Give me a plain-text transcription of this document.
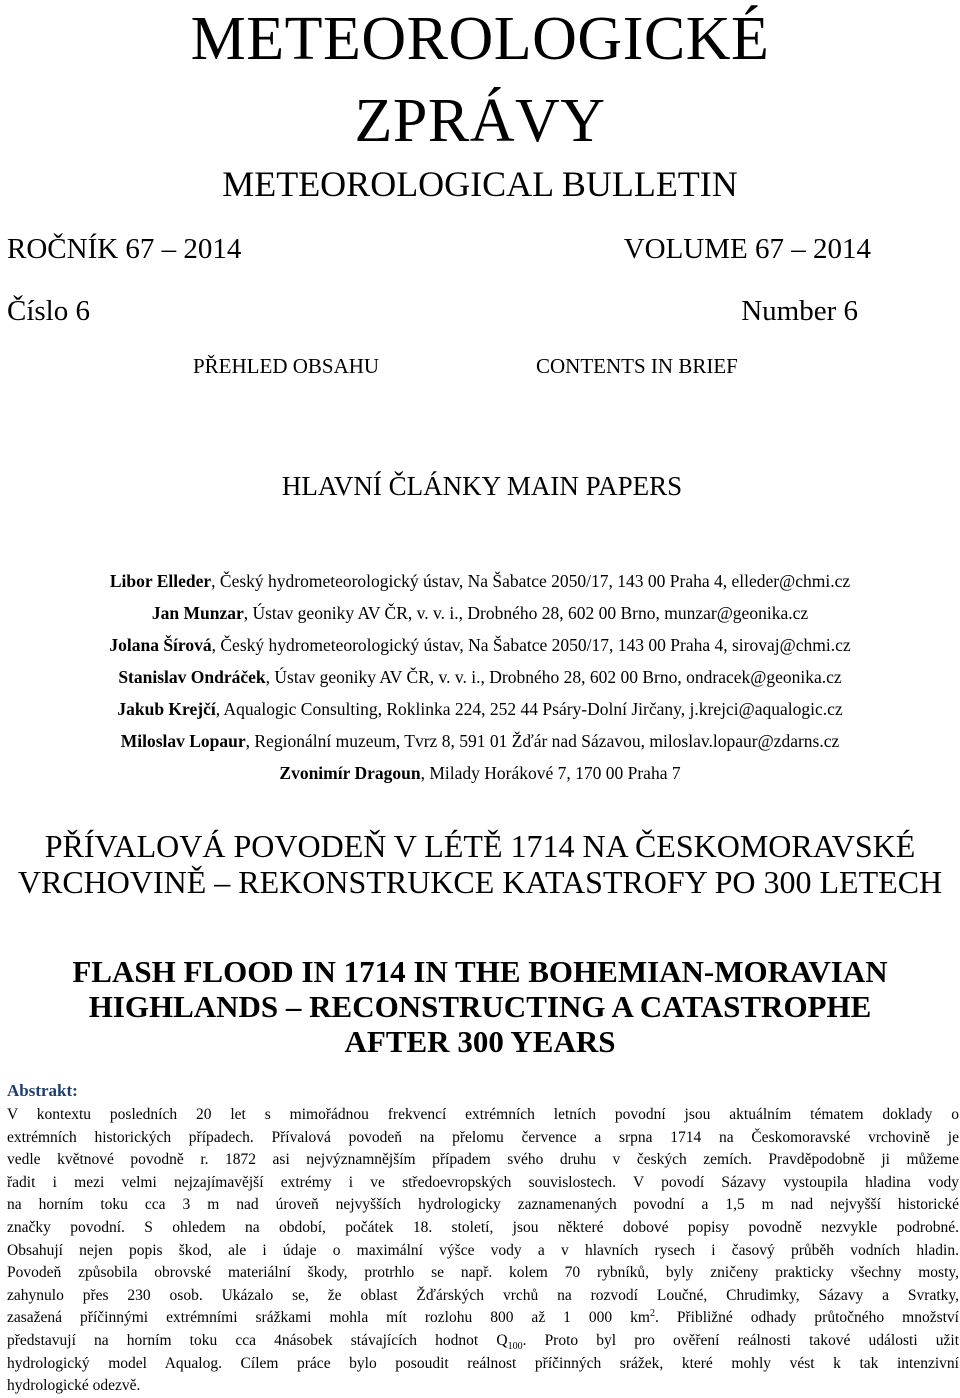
METEOROLOGICKÉ
ZPRÁVY
METEOROLOGICAL BULLETIN
ROČNÍK 67 – 2014	VOLUME 67 – 2014
Číslo 6	Number 6
PŘEHLED OBSAHU	CONTENTS IN BRIEF
HLAVNÍ ČLÁNKY MAIN PAPERS
Libor Elleder, Český hydrometeorologický ústav, Na Šabatce 2050/17, 143 00 Praha 4, elleder@chmi.cz
Jan Munzar, Ústav geoniky AV ČR, v. v. i., Drobného 28, 602 00 Brno, munzar@geonika.cz
Jolana Šírová, Český hydrometeorologický ústav, Na Šabatce 2050/17, 143 00 Praha 4, sirovaj@chmi.cz
Stanislav Ondráček, Ústav geoniky AV ČR, v. v. i., Drobného 28, 602 00 Brno, ondracek@geonika.cz
Jakub Krejčí, Aqualogic Consulting, Roklinka 224, 252 44 Psáry-Dolní Jirčany, j.krejci@aqualogic.cz
Miloslav Lopaur, Regionální muzeum, Tvrz 8, 591 01 Žďár nad Sázavou, miloslav.lopaur@zdarns.cz
Zvonimír Dragoun, Milady Horákové 7, 170 00 Praha 7
PŘÍVALOVÁ POVODEŇ V LÉTĚ 1714 NA ČESKOMORAVSKÉ
VRCHOVINĚ – REKONSTRUKCE KATASTROFY PO 300 LETECH
FLASH FLOOD IN 1714 IN THE BOHEMIAN-MORAVIAN
HIGHLANDS – RECONSTRUCTING A CATASTROPHE
AFTER 300 YEARS
Abstrakt:
V kontextu posledních 20 let s mimořádnou frekvencí extrémních letních povodní jsou aktuálním tématem doklady o
extrémních historických případech. Přívalová povodeň na přelomu července a srpna 1714 na Českomoravské vrchovině je
vedle květnové povodně r. 1872 asi nejvýznamnějším případem svého druhu v českých zemích. Pravděpodobně ji můžeme
řadit i mezi velmi nejzajímavější extrémy i ve středoevropských souvislostech. V povodí Sázavy vystoupila hladina vody
na horním toku cca 3 m nad úroveň nejvyšších hydrologicky zaznamenaných povodní a 1,5 m nad nejvyšší historické
značky povodní. S ohledem na období, počátek 18. století, jsou některé dobové popisy povodně nezvykle podrobné.
Obsahují nejen popis škod, ale i údaje o maximální výšce vody a v hlavních rysech i časový průběh vodních hladin.
Povodeň způsobila obrovské materiální škody, protrhlo se např. kolem 70 rybníků, byly zničeny prakticky všechny mosty,
zahynulo přes 230 osob. Ukázalo se, že oblast Žďárských vrchů na rozvodí Loučné, Chrudimky, Sázavy a Svratky,
zasažená příčinnými extrémními srážkami mohla mít rozlohu 800 až 1 000 $km^2$. Přibližné odhady průtočného množství
představují na horním toku cca 4násobek stávajících hodnot $Q_{100}$. Proto byl pro ověření reálnosti takové události užit
hydrologický model Aqualog. Cílem práce bylo posoudit reálnost příčinných srážek, které mohly vést k tak intenzivní
hydrologické odezvě.
